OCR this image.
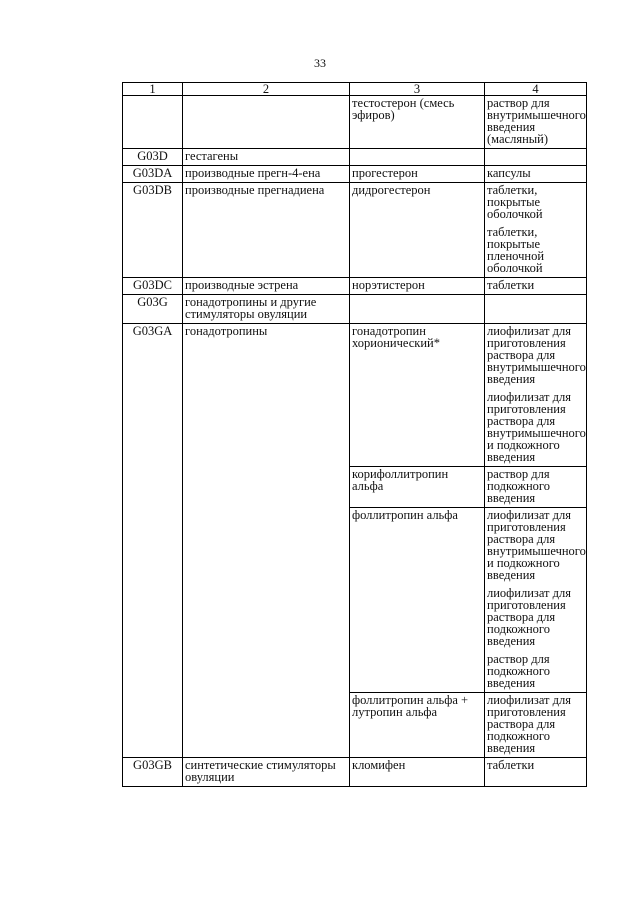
33
1	2	3	4
		тестостерон (смесь эфиров)	раствор для внутримышечного введения (масляный)

G03D	гестагены		

G03DA	производные прегн-4-ена	прогестерон	капсулы

G03DB	производные прегнадиена	дидрогестерон	таблетки, покрытые оболочкой
таблетки, покрытые пленочной оболочкой

G03DC	производные эстрена	норэтистерон	таблетки

G03G	гонадотропины и другие стимуляторы овуляции		

G03GA	гонадотропины	гонадотропин хорионический*	лиофилизат для приготовления раствора для внутримышечного введения
лиофилизат для приготовления раствора для внутримышечного и подкожного введения

		корифоллитропин альфа	раствор для подкожного введения

		фоллитропин альфа	лиофилизат для приготовления раствора для внутримышечного и подкожного введения
лиофилизат для приготовления раствора для подкожного введения
раствор для подкожного введения

		фоллитропин альфа + лутропин альфа	лиофилизат для приготовления раствора для подкожного введения

G03GB	синтетические стимуляторы овуляции	кломифен	таблетки
